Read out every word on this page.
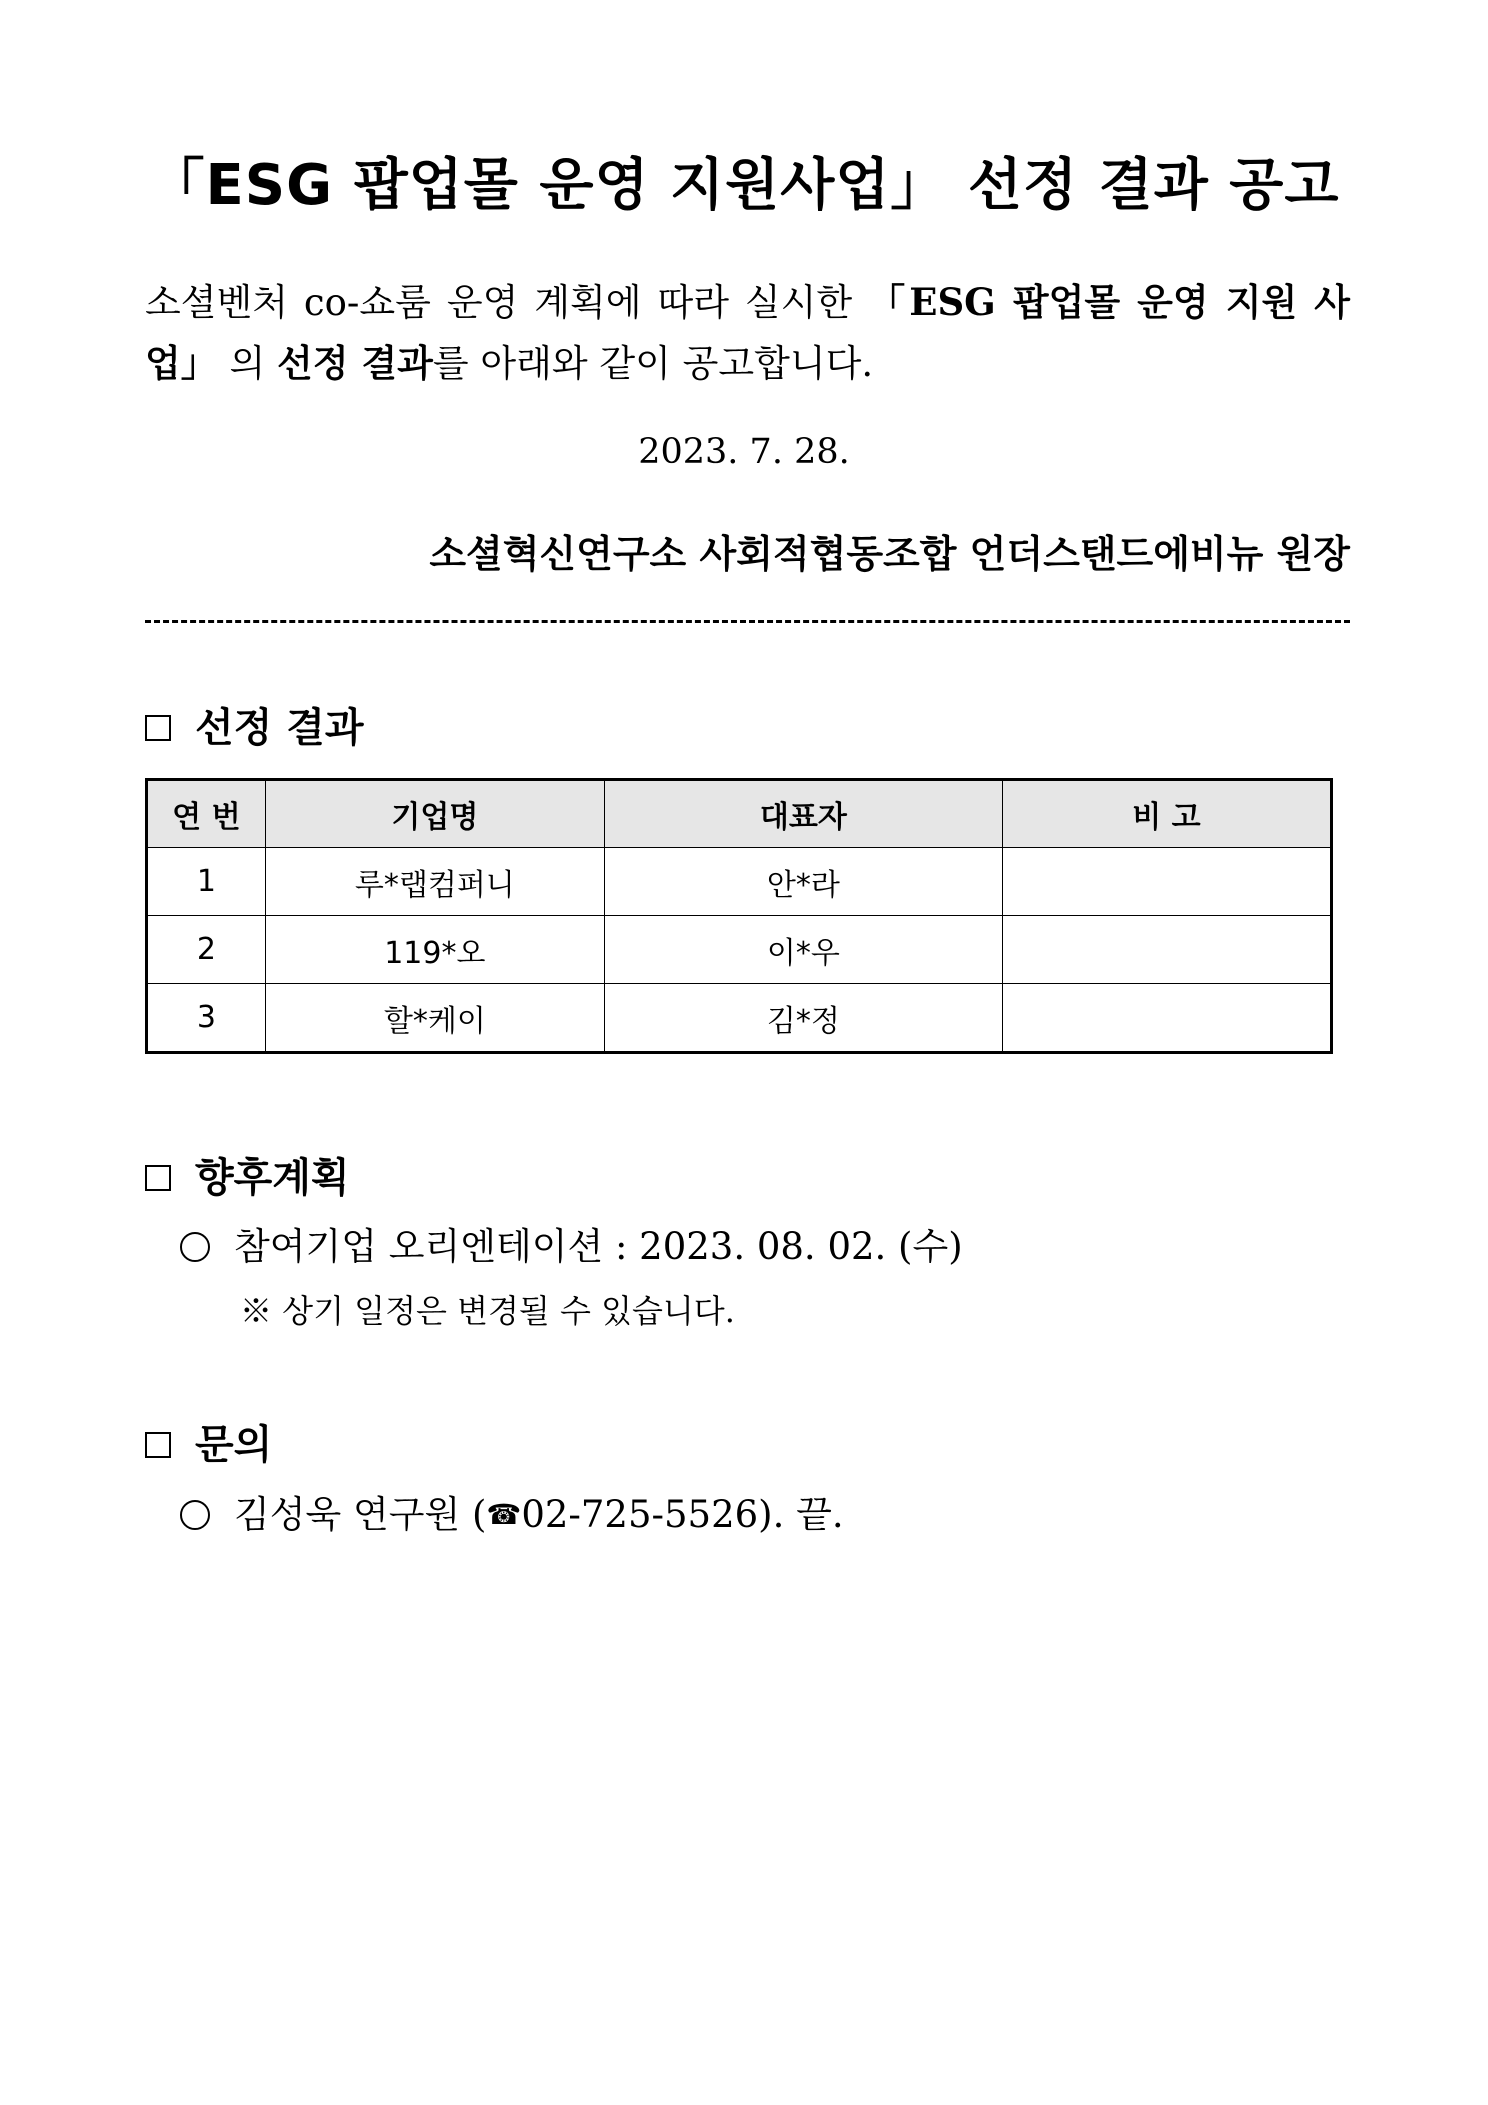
「ESG 팝업몰 운영 지원사업」 선정 결과 공고

소셜벤처 co-쇼룸 운영 계획에 따라 실시한 「ESG 팝업몰 운영 지원 사업」 의 선정 결과를 아래와 같이 공고합니다.

2023. 7. 28.
소셜혁신연구소 사회적협동조합 언더스탠드에비뉴 원장
선정 결과
연 번	기업명	대표자	비 고
1	루*랩컴퍼니	안*라	
2	119*오	이*우	
3	할*케이	김*정	
향후계획
참여기업 오리엔테이션 : 2023. 08. 02. (수)
※ 상기 일정은 변경될 수 있습니다.
문의
김성욱 연구원 ( ☎ 02-725-5526). 끝.
